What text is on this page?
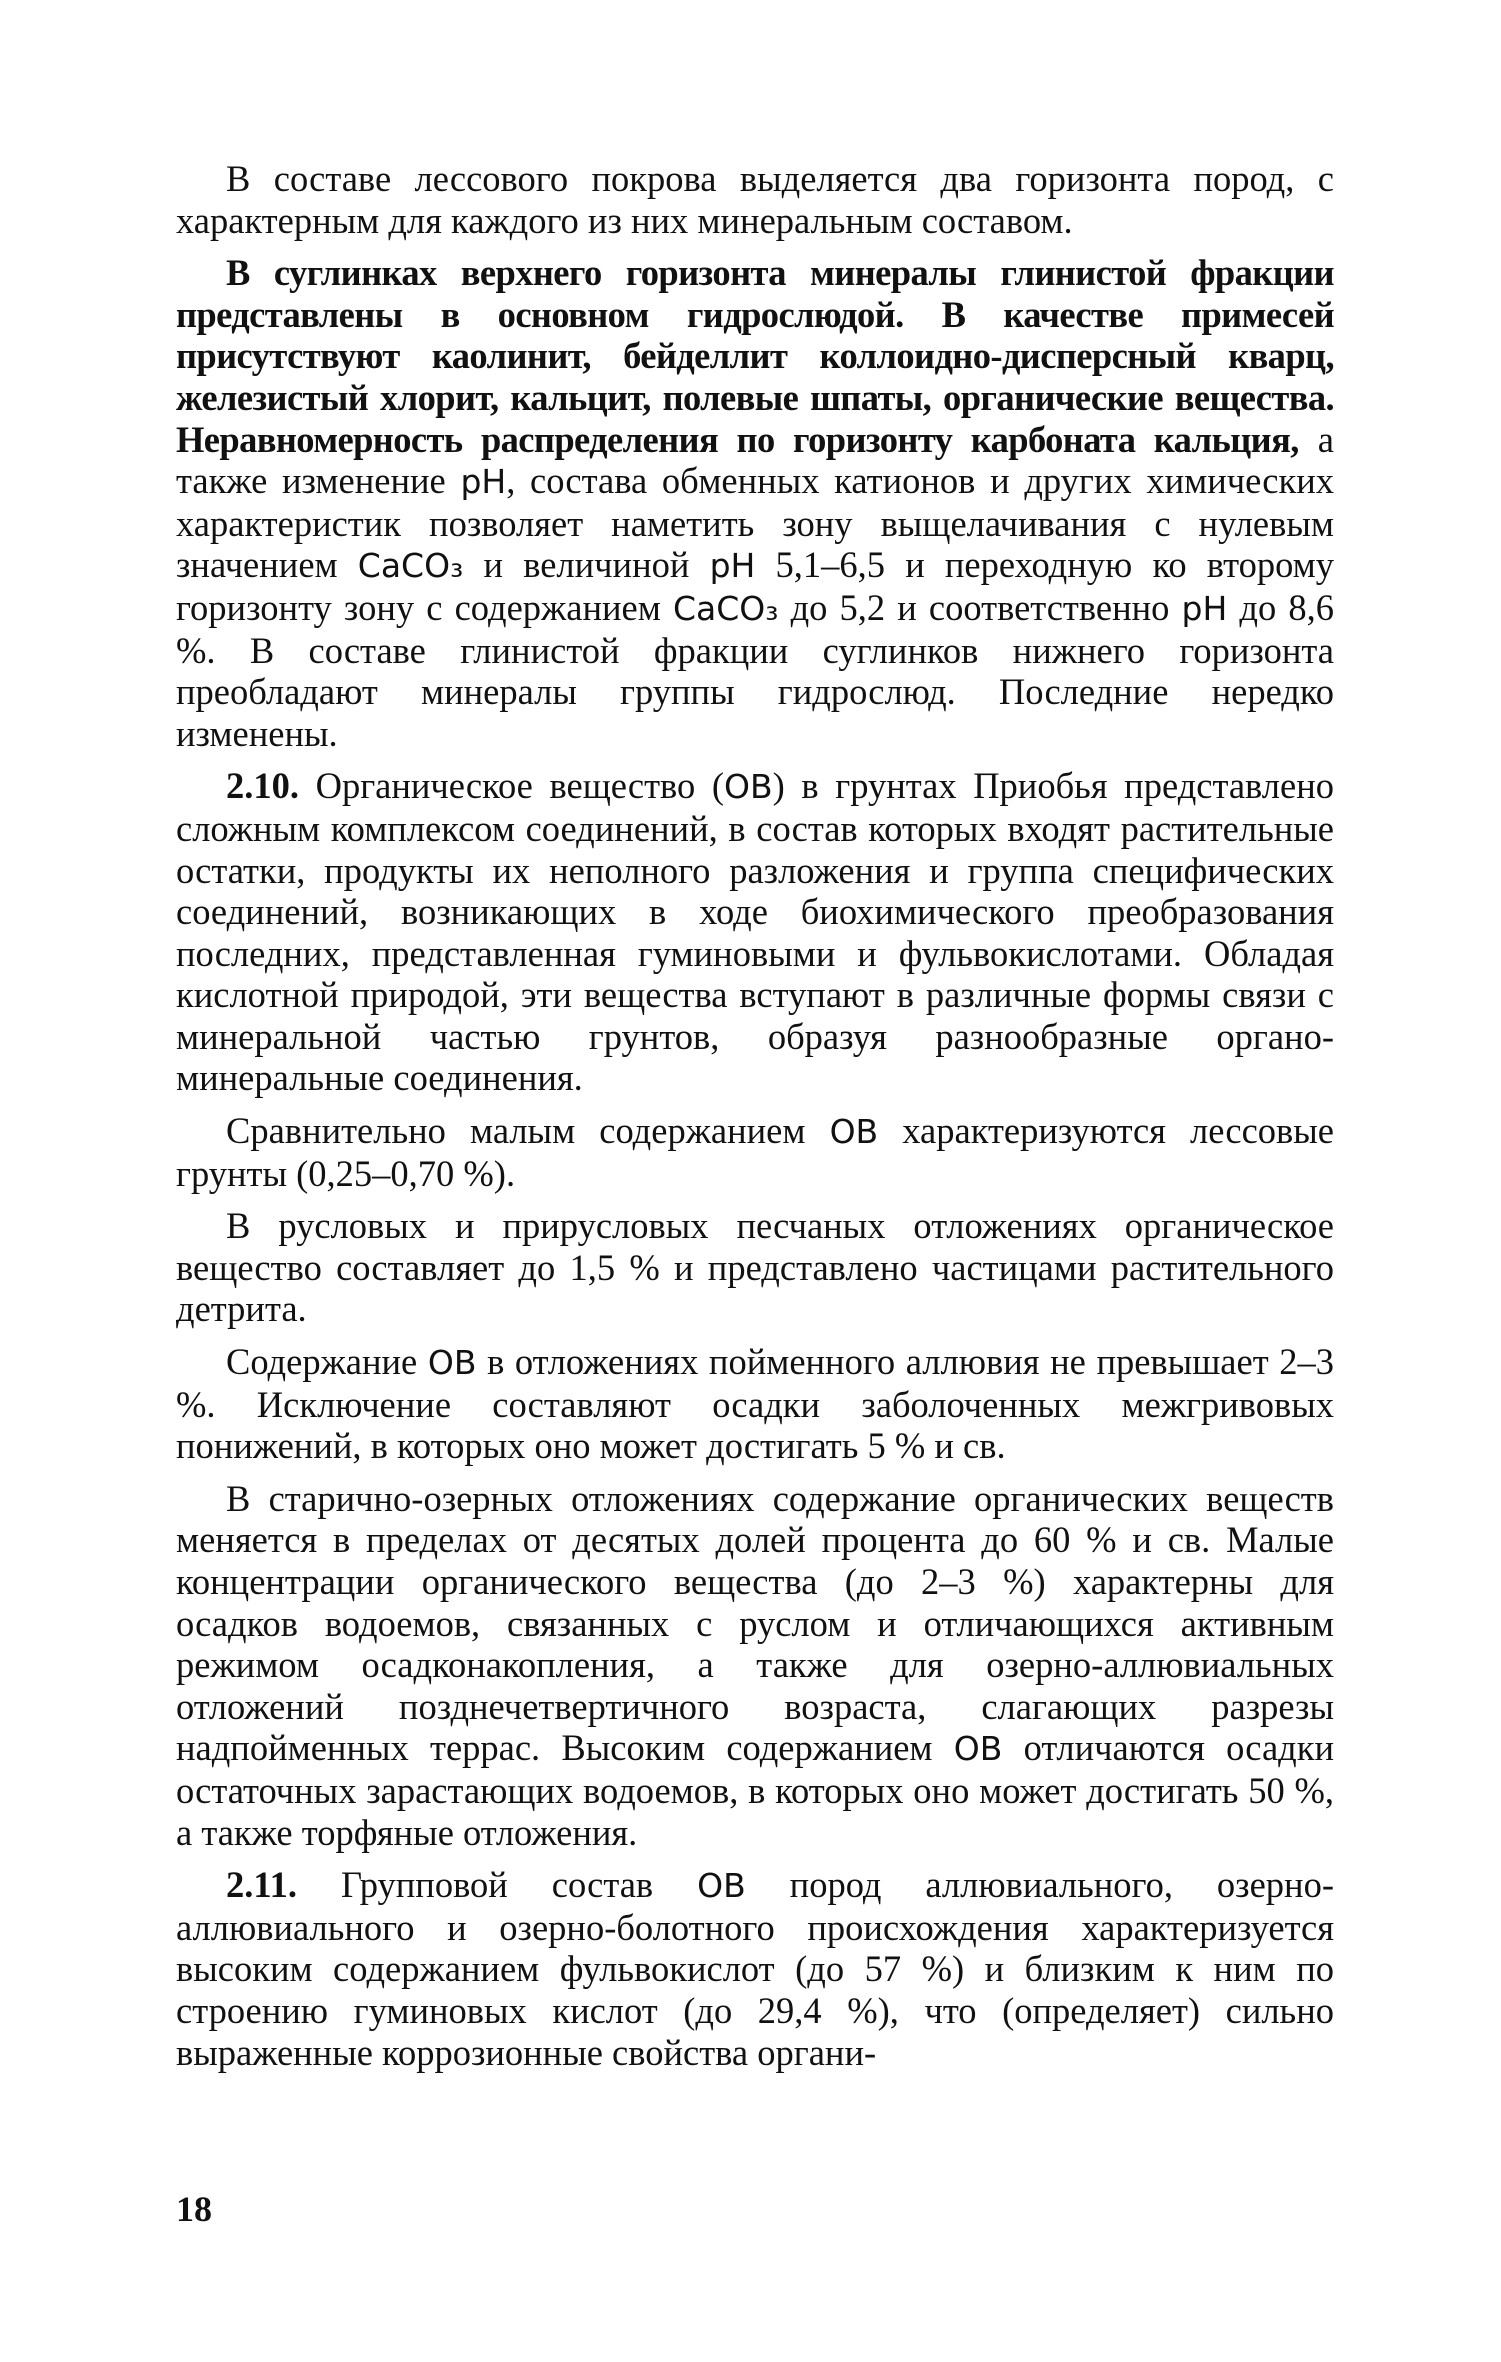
В составе лессового покрова выделяется два горизонта пород, с характерным для каждого из них минеральным составом.

В суглинках верхнего горизонта минералы глинистой фракции представлены в основном гидрослюдой. В качестве примесей присутствуют каолинит, бейделлит коллоидно-дисперсный кварц, железистый хлорит, кальцит, полевые шпаты, органические вещества. Неравномерность распределения по горизонту карбоната кальция, а также изменение pH, состава обменных катионов и других химических характеристик позволяет наметить зону выщелачивания с нулевым значением CaCO₃ и величиной pH 5,1–6,5 и переходную ко второму горизонту зону с содержанием CaCO₃ до 5,2 и соответственно pH до 8,6 %. В составе глинистой фракции суглинков нижнего горизонта преобладают минералы группы гидрослюд. Последние нередко изменены.

2.10. Органическое вещество (OB) в грунтах Приобья представлено сложным комплексом соединений, в состав которых входят растительные остатки, продукты их неполного разложения и группа специфических соединений, возникающих в ходе биохимического преобразования последних, представленная гуминовыми и фульвокислотами. Обладая кислотной природой, эти вещества вступают в различные формы связи с минеральной частью грунтов, образуя разнообразные органо-минеральные соединения.

Сравнительно малым содержанием OB характеризуются лессовые грунты (0,25–0,70 %).

В русловых и прирусловых песчаных отложениях органическое вещество составляет до 1,5 % и представлено частицами растительного детрита.

Содержание OB в отложениях пойменного аллювия не превышает 2–3 %. Исключение составляют осадки заболоченных межгривовых понижений, в которых оно может достигать 5 % и св.

В старично-озерных отложениях содержание органических веществ меняется в пределах от десятых долей процента до 60 % и св. Малые концентрации органического вещества (до 2–3 %) характерны для осадков водоемов, связанных с руслом и отличающихся активным режимом осадконакопления, а также для озерно-аллювиальных отложений позднечетвертичного возраста, слагающих разрезы надпойменных террас. Высоким содержанием OB отличаются осадки остаточных зарастающих водоемов, в которых оно может достигать 50 %, а также торфяные отложения.

2.11. Групповой состав OB пород аллювиального, озерно-аллювиального и озерно-болотного происхождения характеризуется высоким содержанием фульвокислот (до 57 %) и близким к ним по строению гуминовых кислот (до 29,4 %), что (определяет) сильно выраженные коррозионные свойства органи-

18
